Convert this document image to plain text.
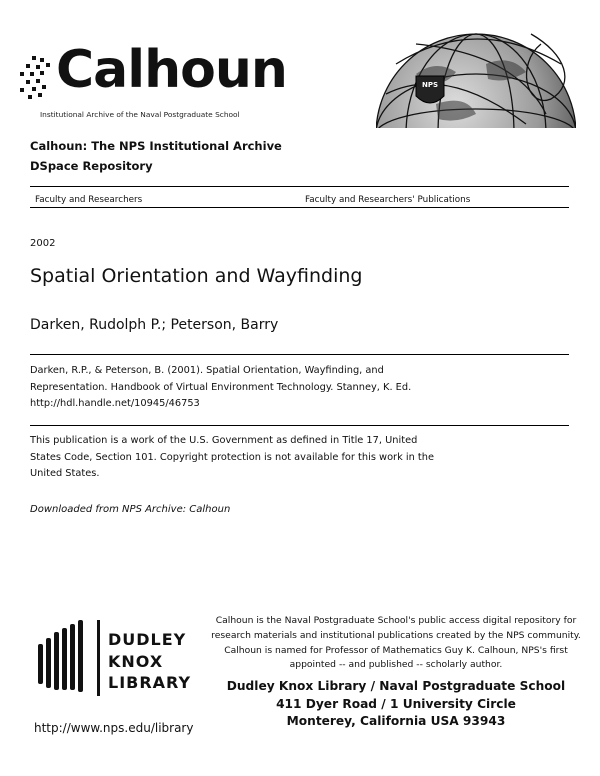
Calhoun
Institutional Archive of the Naval Postgraduate School
NPS
Calhoun: The NPS Institutional Archive
DSpace Repository
Faculty and Researchers	Faculty and Researchers' Publications
2002
Spatial Orientation and Wayfinding
Darken, Rudolph P.; Peterson, Barry
Darken, R.P., & Peterson, B. (2001). Spatial Orientation, Wayfinding, and
Representation. Handbook of Virtual Environment Technology. Stanney, K. Ed.
http://hdl.handle.net/10945/46753
This publication is a work of the U.S. Government as defined in Title 17, United
States Code, Section 101. Copyright protection is not available for this work in the
United States.
Downloaded from NPS Archive: Calhoun
DUDLEY
KNOX
LIBRARY
http://www.nps.edu/library
Calhoun is the Naval Postgraduate School's public access digital repository for
research materials and institutional publications created by the NPS community.
Calhoun is named for Professor of Mathematics Guy K. Calhoun, NPS's first
appointed -- and published -- scholarly author.
Dudley Knox Library / Naval Postgraduate School
411 Dyer Road / 1 University Circle
Monterey, California USA 93943
